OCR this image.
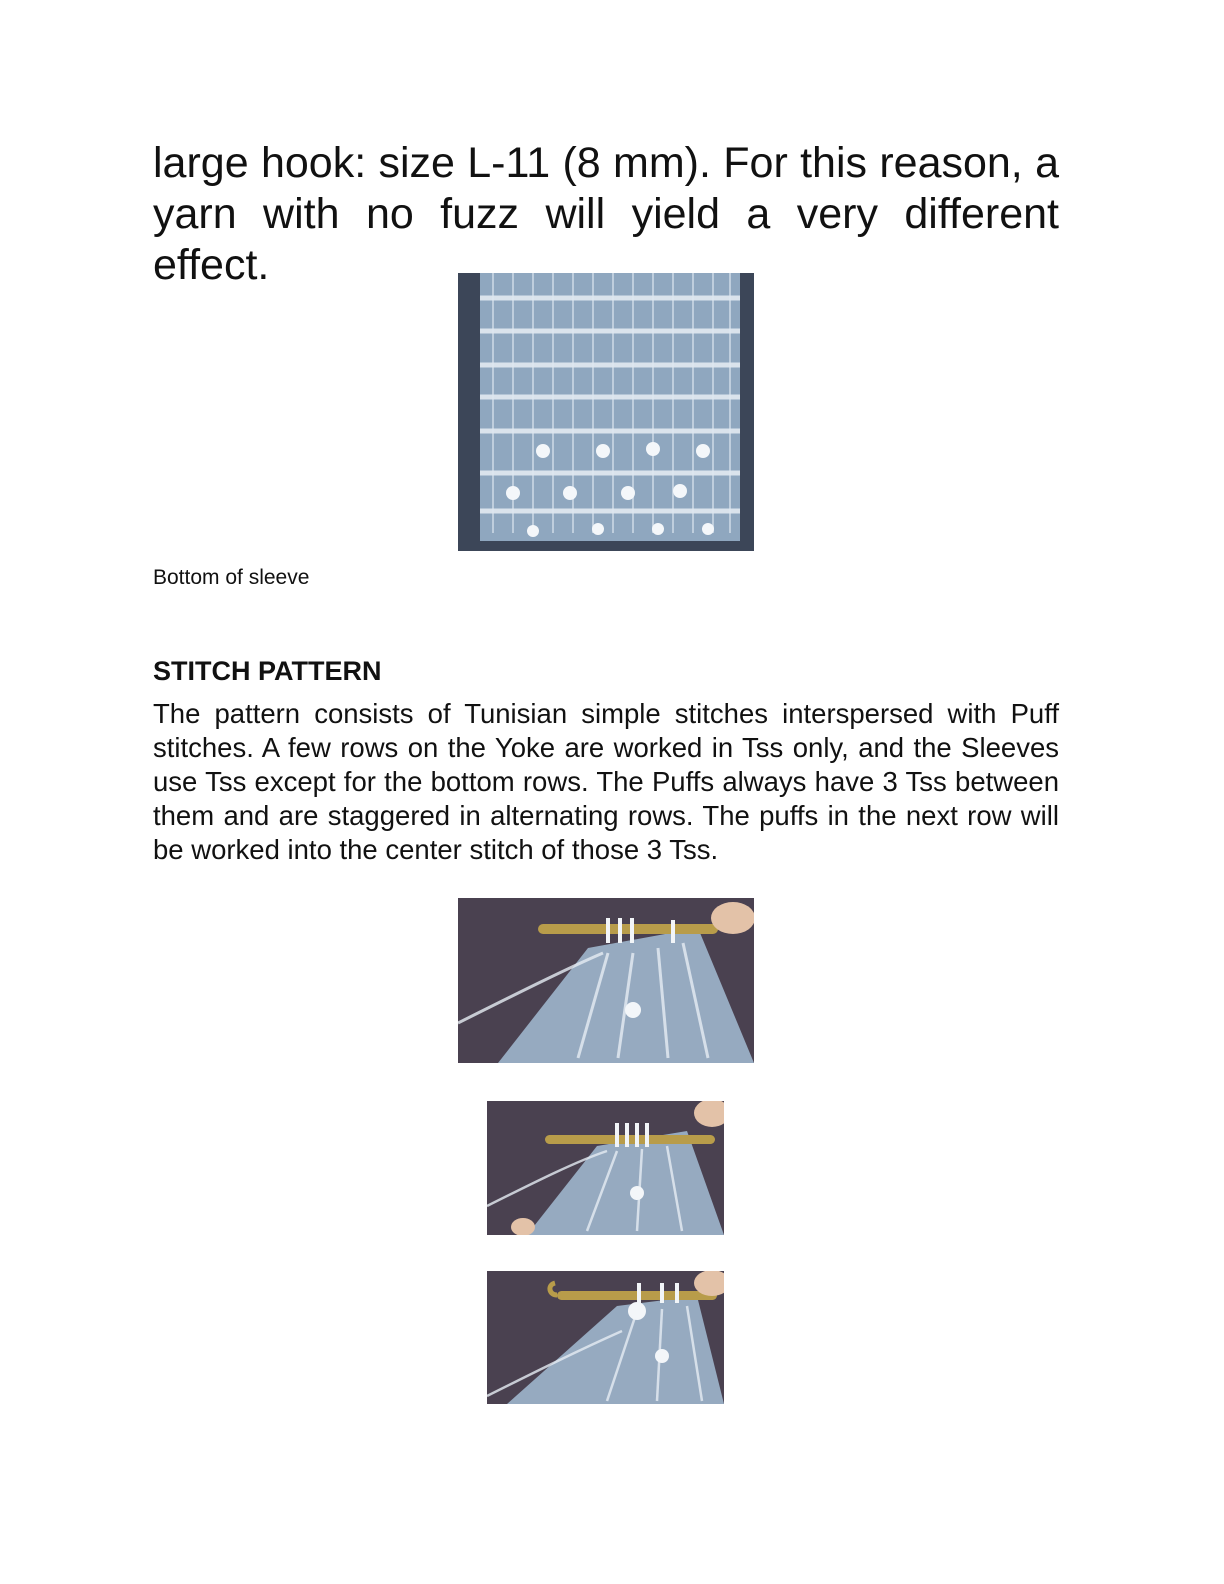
large hook: size L-11 (8 mm). For this reason, a yarn with no fuzz will yield a very different effect.

Bottom of sleeve

STITCH PATTERN

The pattern consists of Tunisian simple stitches interspersed with Puff stitches. A few rows on the Yoke are worked in Tss only, and the Sleeves use Tss except for the bottom rows. The Puffs always have 3 Tss between them and are staggered in alternating rows. The puffs in the next row will be worked into the center stitch of those 3 Tss.
